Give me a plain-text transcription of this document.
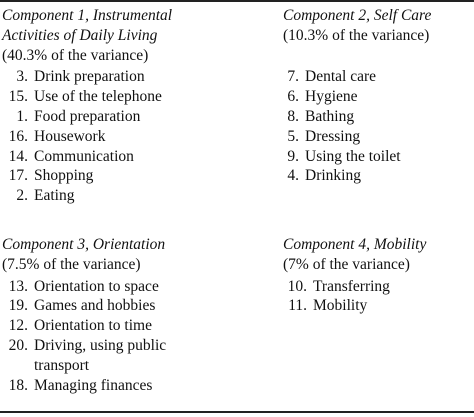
Component 1, Instrumental
Activities of Daily Living
(40.3% of the variance)
3. Drink preparation
15. Use of the telephone
1. Food preparation
16. Housework
14. Communication
17. Shopping
2. Eating
Component 2, Self Care
(10.3% of the variance)
7. Dental care
6. Hygiene
8. Bathing
5. Dressing
9. Using the toilet
4. Drinking
Component 3, Orientation
(7.5% of the variance)
13. Orientation to space
19. Games and hobbies
12. Orientation to time
20. Driving, using public
transport
18. Managing finances
Component 4, Mobility
(7% of the variance)
10. Transferring
11. Mobility
